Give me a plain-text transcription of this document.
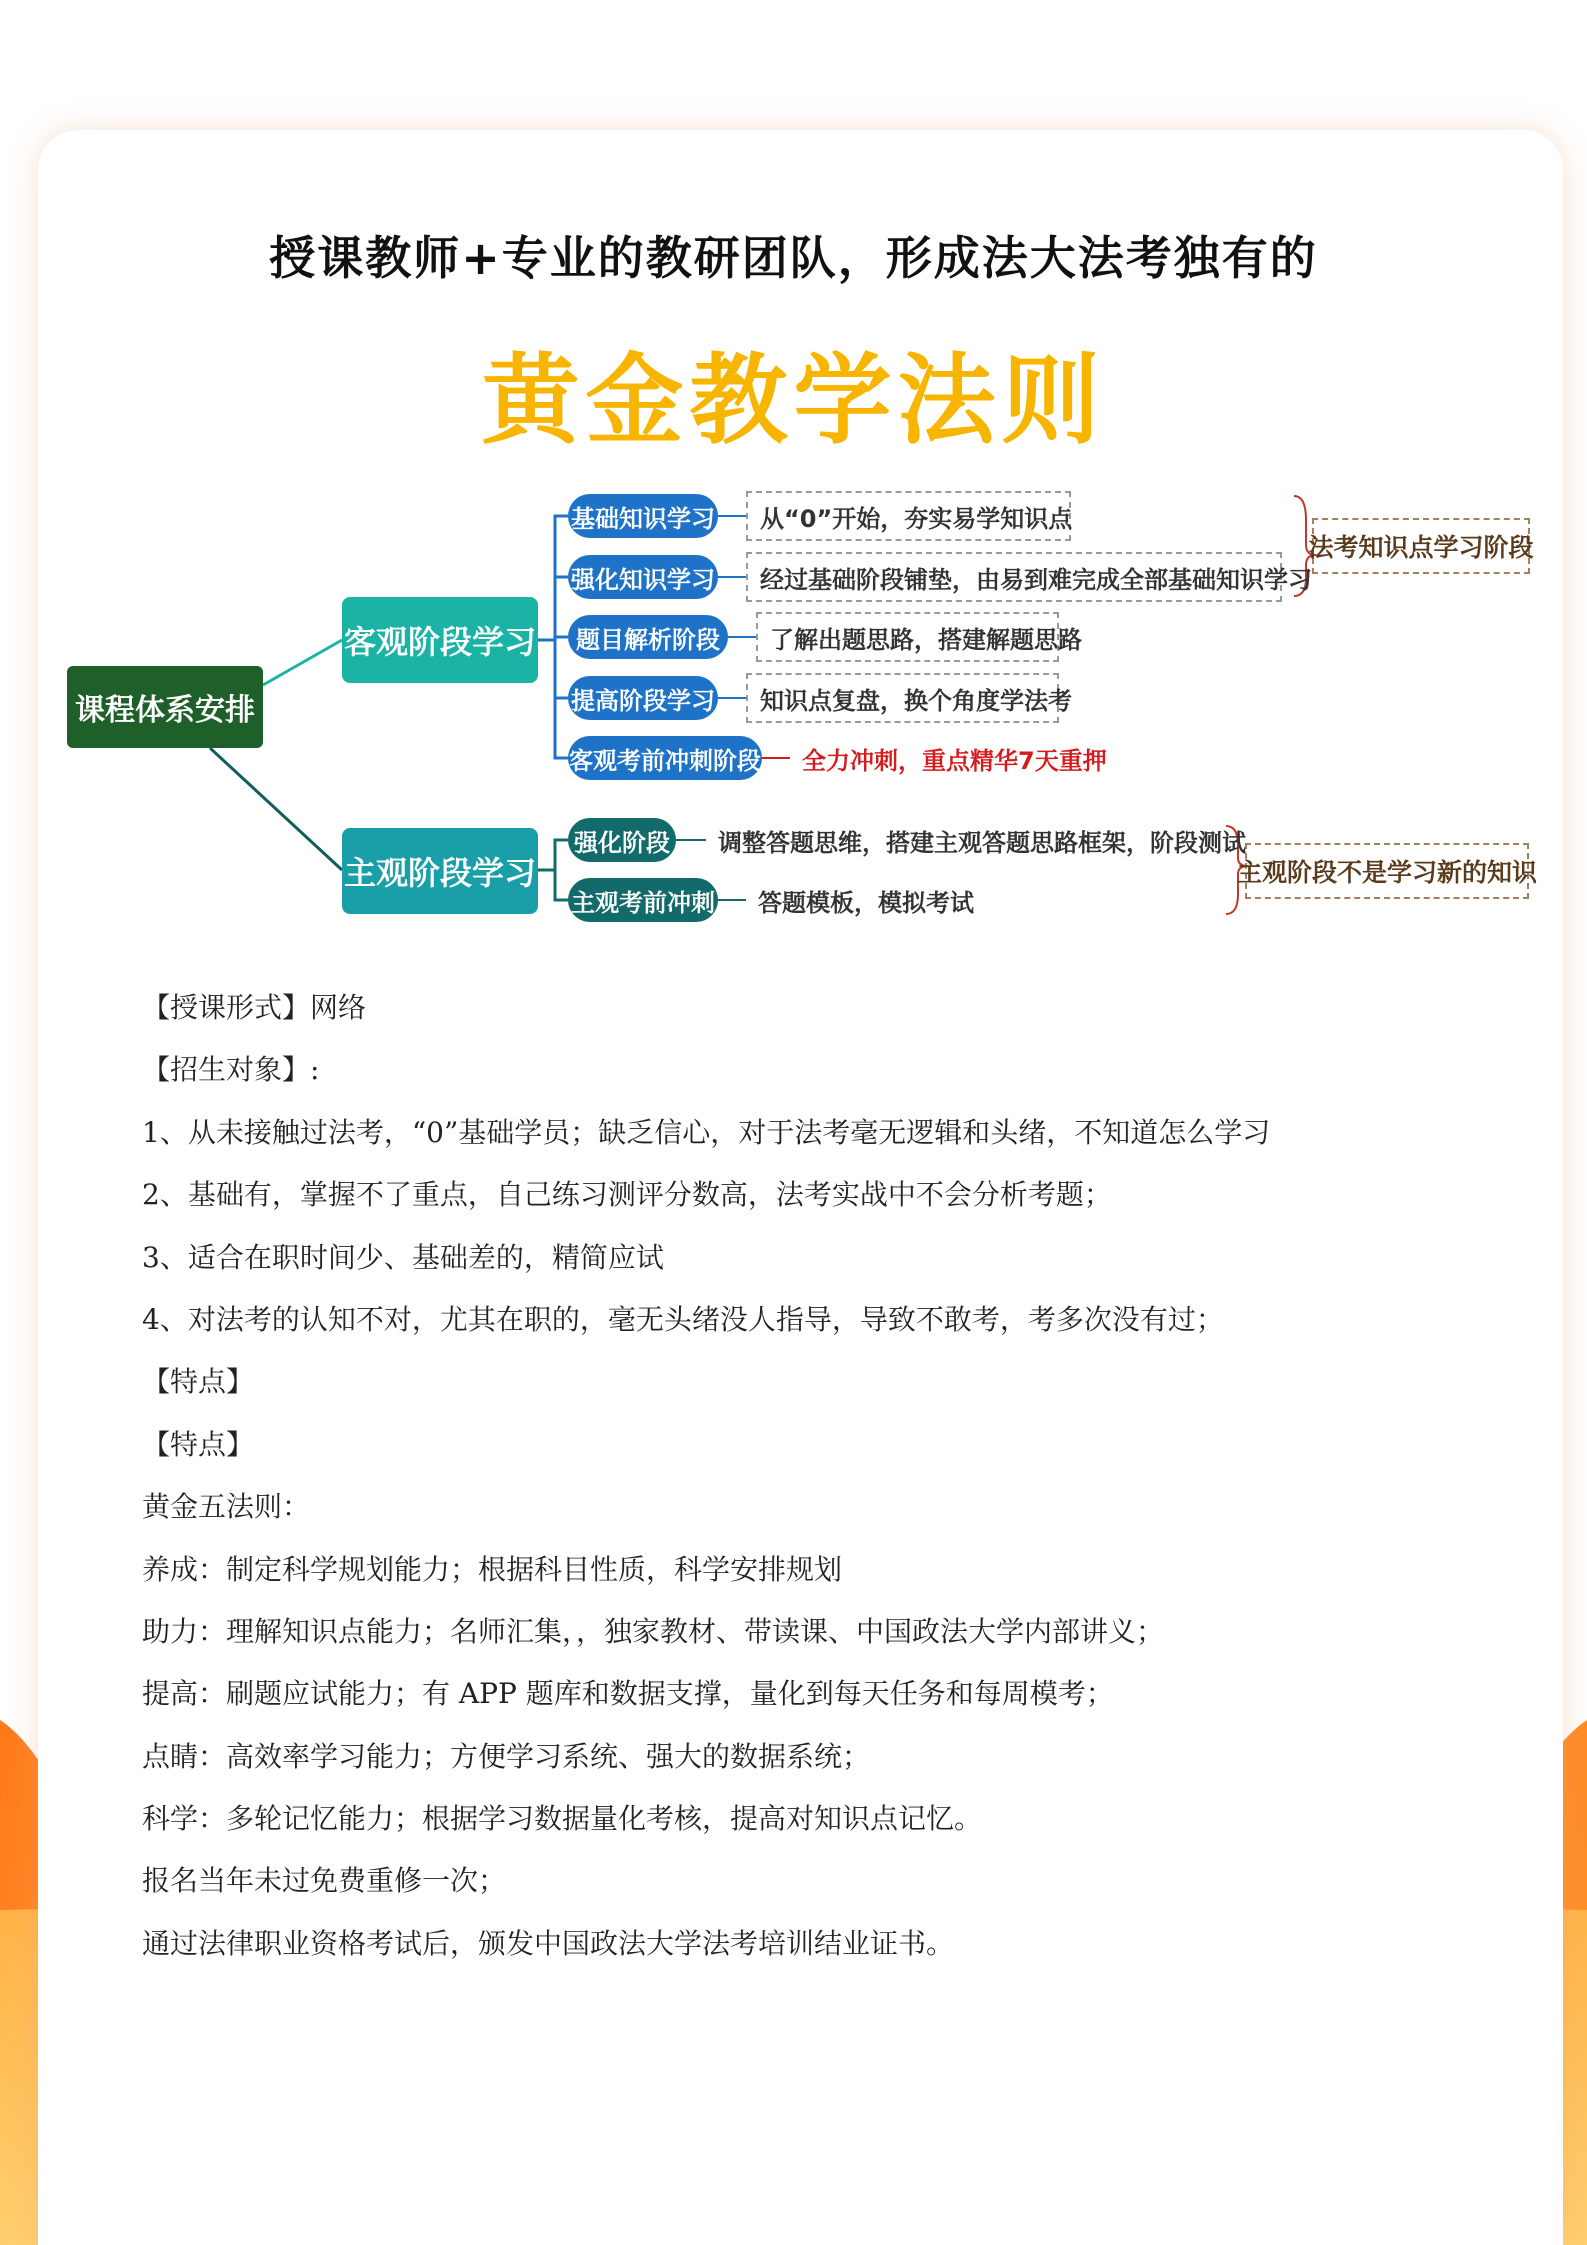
授课教师+专业的教研团队，形成法大法考独有的
黄金教学法则
课程体系安排
客观阶段学习
主观阶段学习
基础知识学习
强化知识学习
题目解析阶段
提高阶段学习
客观考前冲刺阶段
强化阶段
主观考前冲刺
从“0”开始，夯实易学知识点
经过基础阶段铺垫，由易到难完成全部基础知识学习
了解出题思路，搭建解题思路
知识点复盘，换个角度学法考
全力冲刺，重点精华7天重押
调整答题思维，搭建主观答题思路框架，阶段测试
答题模板，模拟考试
法考知识点学习阶段
主观阶段不是学习新的知识
【授课形式】网络
【招生对象】:
1、从未接触过法考，“0”基础学员；缺乏信心，对于法考毫无逻辑和头绪，不知道怎么学习
2、基础有，掌握不了重点，自己练习测评分数高，法考实战中不会分析考题；
3、适合在职时间少、基础差的，精简应试
4、对法考的认知不对，尤其在职的，毫无头绪没人指导，导致不敢考，考多次没有过；
【特点】
【特点】
黄金五法则：
养成：制定科学规划能力；根据科目性质，科学安排规划
助力：理解知识点能力；名师汇集，，独家教材、带读课、中国政法大学内部讲义；
提高：刷题应试能力；有 APP 题库和数据支撑，量化到每天任务和每周模考；
点睛：高效率学习能力；方便学习系统、强大的数据系统；
科学：多轮记忆能力；根据学习数据量化考核，提高对知识点记忆。
报名当年未过免费重修一次；
通过法律职业资格考试后，颁发中国政法大学法考培训结业证书。
